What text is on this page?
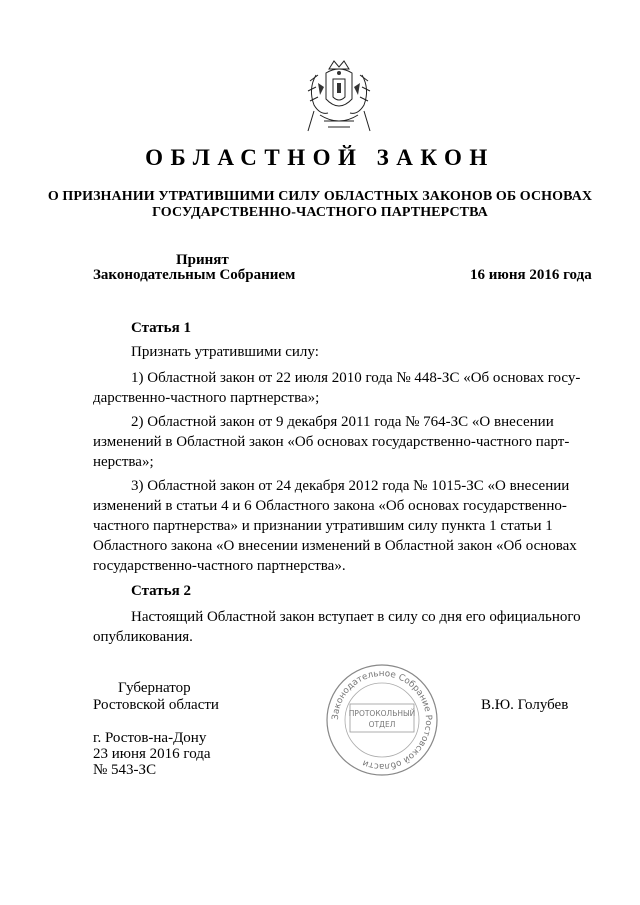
ОБЛАСТНОЙ ЗАКОН
О ПРИЗНАНИИ УТРАТИВШИМИ СИЛУ ОБЛАСТНЫХ ЗАКОНОВ ОБ ОСНОВАХ
ГОСУДАРСТВЕННО-ЧАСТНОГО ПАРТНЕРСТВА
Принят
Законодательным Собранием	16 июня 2016 года
Статья 1
Признать утратившими силу:
1) Областной закон от 22 июля 2010 года № 448-ЗС «Об основах госу-
дарственно-частного партнерства»;
2) Областной закон от 9 декабря 2011 года № 764-ЗС «О внесении
изменений в Областной закон «Об основах государственно-частного парт-
нерства»;
3) Областной закон от 24 декабря 2012 года № 1015-ЗС «О внесении
изменений в статьи 4 и 6 Областного закона «Об основах государственно-
частного партнерства» и признании утратившим силу пункта 1 статьи 1
Областного закона «О внесении изменений в Областной закон «Об основах
государственно-частного партнерства».
Статья 2
Настоящий Областной закон вступает в силу со дня его официального
опубликования.
Губернатор
Ростовской области	В.Ю. Голубев
г. Ростов-на-Дону
23 июня 2016 года
№ 543-ЗС
Законодательное Собрание Ростовской области
ПРОТОКОЛЬНЫЙ
ОТДЕЛ
